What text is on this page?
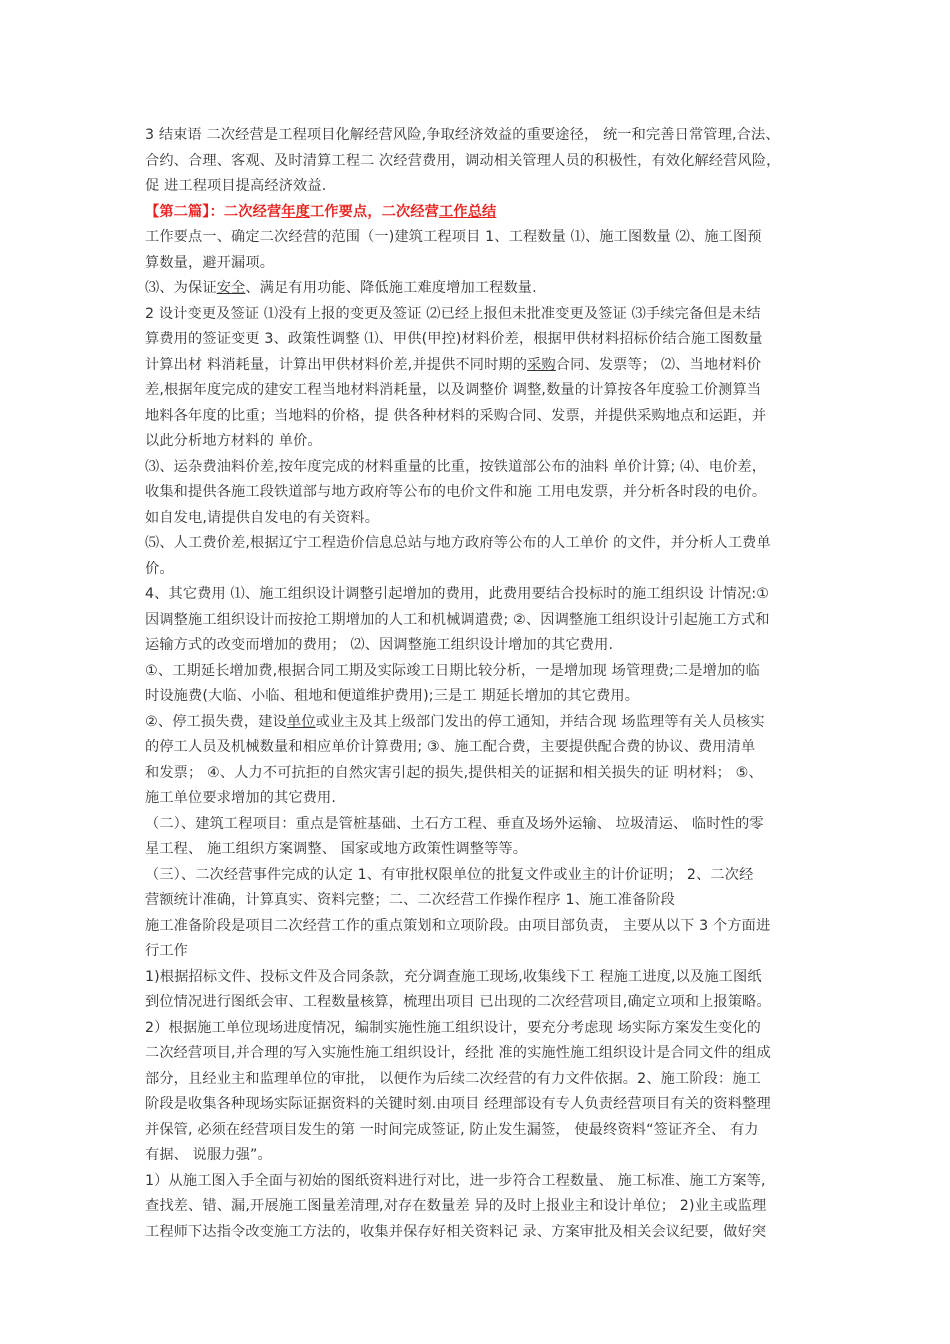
3 结束语 二次经营是工程项目化解经营风险,争取经济效益的重要途径， 统一和完善日常管理,合法、
合约、合理、客观、及时清算工程二 次经营费用，调动相关管理人员的积极性，有效化解经营风险，
促 进工程项目提高经济效益.
【第二篇】：二次经营年度工作要点，二次经营工作总结
工作要点一、确定二次经营的范围（一)建筑工程项目 1、工程数量 ⑴、施工图数量 ⑵、施工图预
算数量，避开漏项。
⑶、为保证安全、满足有用功能、降低施工难度增加工程数量.
2 设计变更及签证 ⑴没有上报的变更及签证 ⑵已经上报但未批准变更及签证 ⑶手续完备但是未结
算费用的签证变更 3、政策性调整 ⑴、甲供(甲控)材料价差，根据甲供材料招标价结合施工图数量
计算出材 料消耗量，计算出甲供材料价差,并提供不同时期的采购合同、发票等； ⑵、当地材料价
差,根据年度完成的建安工程当地材料消耗量，以及调整价 调整,数量的计算按各年度验工价测算当
地料各年度的比重；当地料的价格，提 供各种材料的采购合同、发票，并提供采购地点和运距，并
以此分析地方材料的 单价。
⑶、运杂费油料价差,按年度完成的材料重量的比重，按铁道部公布的油料 单价计算; ⑷、电价差，
收集和提供各施工段铁道部与地方政府等公布的电价文件和施 工用电发票，并分析各时段的电价。
如自发电,请提供自发电的有关资料。
⑸、人工费价差,根据辽宁工程造价信息总站与地方政府等公布的人工单价 的文件，并分析人工费单
价。
4、其它费用 ⑴、施工组织设计调整引起增加的费用，此费用要结合投标时的施工组织设 计情况:①
因调整施工组织设计而按抢工期增加的人工和机械调遣费; ②、因调整施工组织设计引起施工方式和
运输方式的改变而增加的费用； ⑵、因调整施工组织设计增加的其它费用.
①、工期延长增加费,根据合同工期及实际竣工日期比较分析，一是增加现 场管理费;二是增加的临
时设施费(大临、小临、租地和便道维护费用);三是工 期延长增加的其它费用。
②、停工损失费，建设单位或业主及其上级部门发出的停工通知，并结合现 场监理等有关人员核实
的停工人员及机械数量和相应单价计算费用; ③、施工配合费，主要提供配合费的协议、费用清单
和发票； ④、人力不可抗拒的自然灾害引起的损失,提供相关的证据和相关损失的证 明材料； ⑤、
施工单位要求增加的其它费用.
（二）、建筑工程项目：重点是管桩基础、土石方工程、垂直及场外运输、 垃圾清运、 临时性的零
星工程、 施工组织方案调整、 国家或地方政策性调整等等。
（三）、二次经营事件完成的认定 1、有审批权限单位的批复文件或业主的计价证明； 2、二次经
营额统计准确，计算真实、资料完整；二、二次经营工作操作程序 1、施工准备阶段
施工准备阶段是项目二次经营工作的重点策划和立项阶段。由项目部负责， 主要从以下 3 个方面进
行工作
1)根据招标文件、投标文件及合同条款，充分调查施工现场,收集线下工 程施工进度,以及施工图纸
到位情况进行图纸会审、工程数量核算，梳理出项目 已出现的二次经营项目,确定立项和上报策略。
2）根据施工单位现场进度情况，编制实施性施工组织设计，要充分考虑现 场实际方案发生变化的
二次经营项目,并合理的写入实施性施工组织设计，经批 准的实施性施工组织设计是合同文件的组成
部分，且经业主和监理单位的审批， 以便作为后续二次经营的有力文件依据。2、施工阶段：施工
阶段是收集各种现场实际证据资料的关键时刻.由项目 经理部设有专人负责经营项目有关的资料整理
并保管, 必须在经营项目发生的第 一时间完成签证, 防止发生漏签， 使最终资料“签证齐全、 有力
有据、 说服力强”。
1）从施工图入手全面与初始的图纸资料进行对比，进一步符合工程数量、 施工标准、施工方案等,
查找差、错、漏,开展施工图量差清理,对存在数量差 异的及时上报业主和设计单位； 2)业主或监理
工程师下达指令改变施工方法的，收集并保存好相关资料记 录、方案审批及相关会议纪要，做好突
